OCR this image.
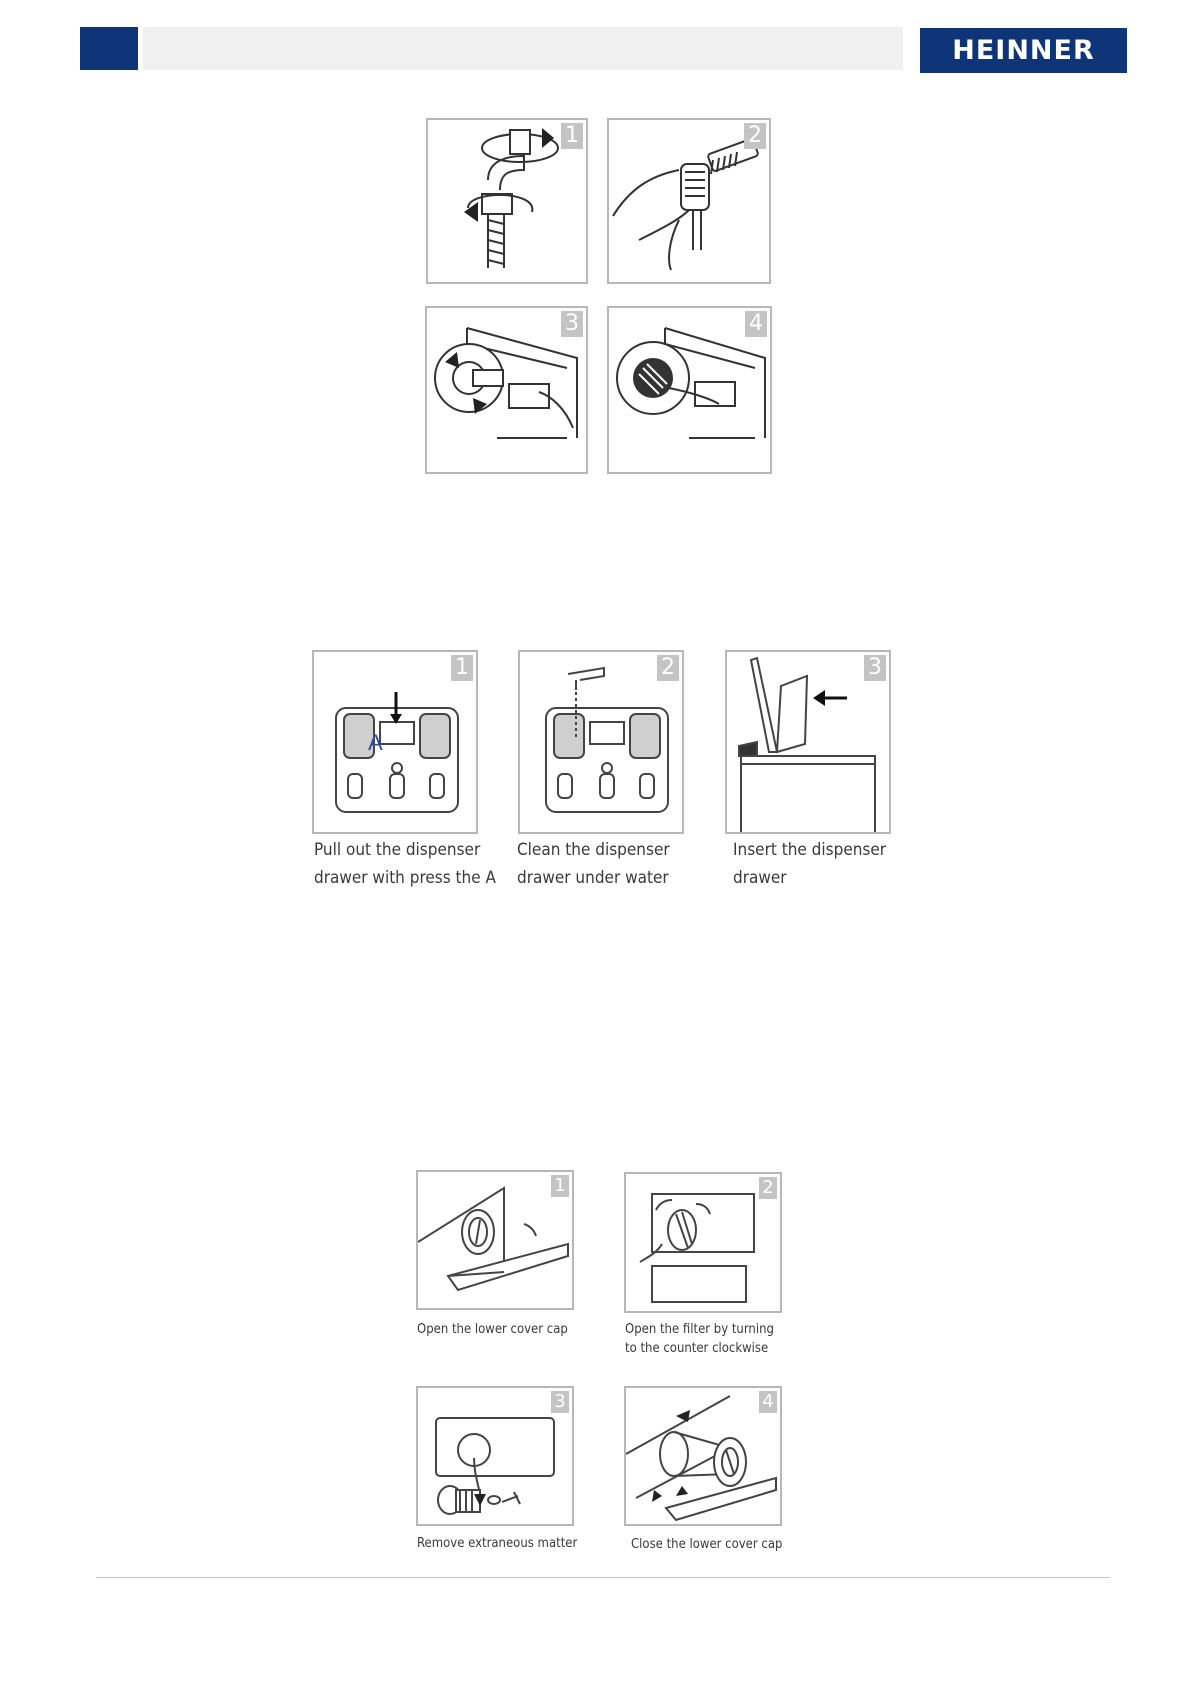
HEINNER
1	2
3	4
A
1
Pull out the dispenser
drawer with press the A
2
Clean the dispenser
drawer under water
3
Insert the dispenser
drawer
1
Open the lower cover cap
2
Open the filter by turning
to the counter clockwise
3
Remove extraneous matter
4
Close the lower cover cap
